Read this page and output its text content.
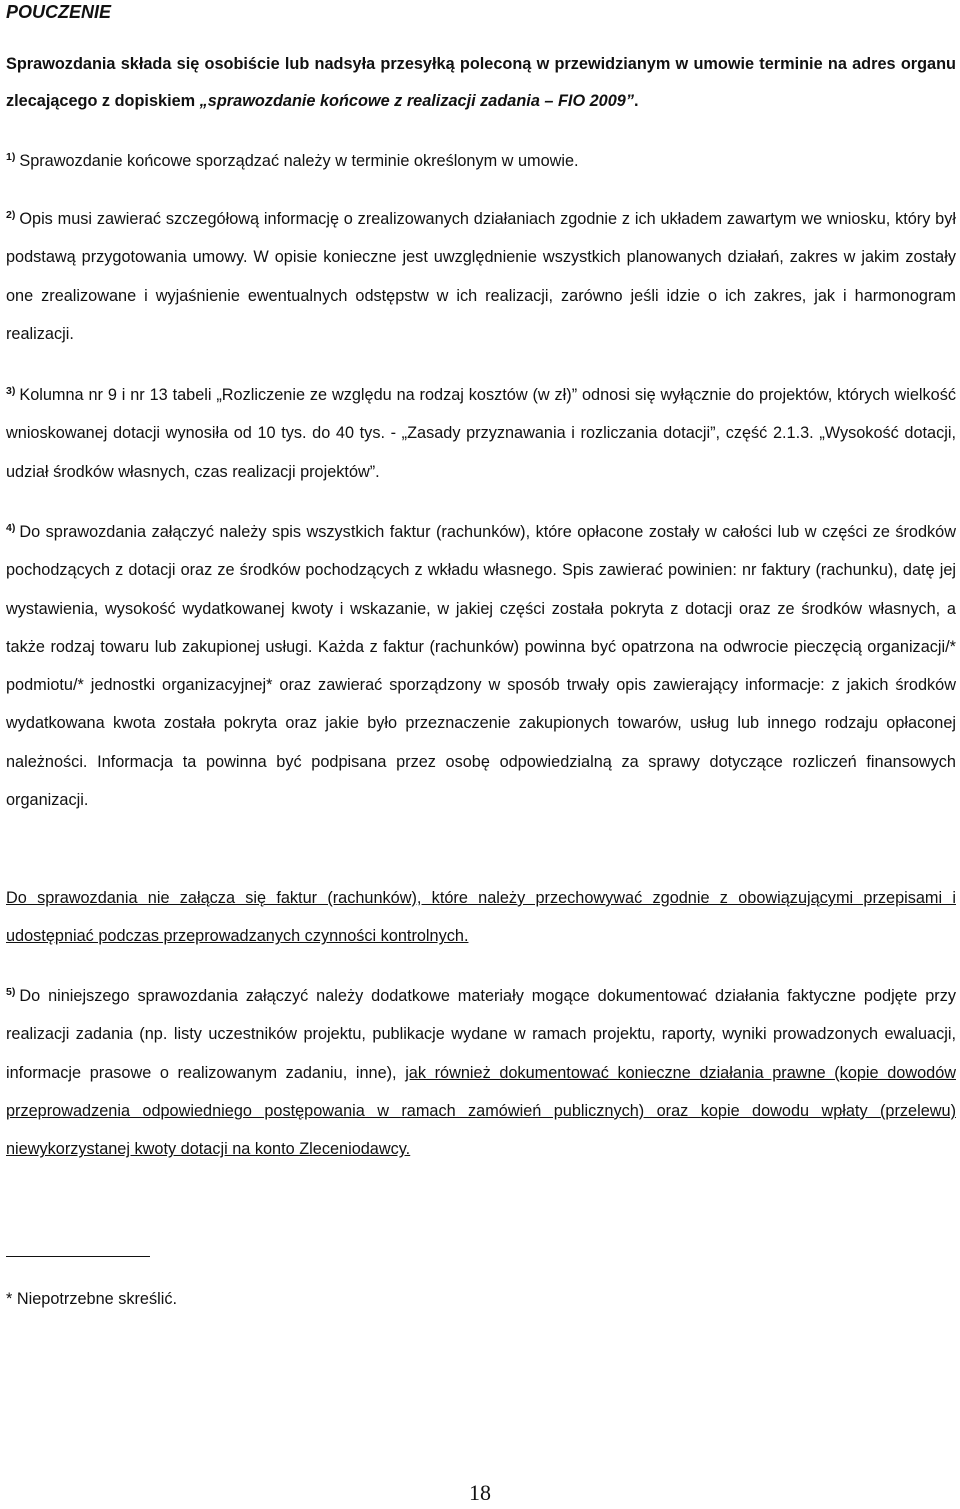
POUCZENIE

Sprawozdania składa się osobiście lub nadsyła przesyłką poleconą w przewidzianym w umowie terminie na adres organu zlecającego z dopiskiem „sprawozdanie końcowe z realizacji zadania – FIO 2009”.

$^{1)}$ Sprawozdanie końcowe sporządzać należy w terminie określonym w umowie.

$^{2)}$ Opis musi zawierać szczegółową informację o zrealizowanych działaniach zgodnie z ich układem zawartym we wniosku, który był podstawą przygotowania umowy. W opisie konieczne jest uwzględnienie wszystkich planowanych działań, zakres w jakim zostały one zrealizowane i wyjaśnienie ewentualnych odstępstw w ich realizacji, zarówno jeśli idzie o ich zakres, jak i harmonogram realizacji.

$^{3)}$ Kolumna nr 9 i nr 13 tabeli „Rozliczenie ze względu na rodzaj kosztów (w zł)” odnosi się wyłącznie do projektów, których wielkość wnioskowanej dotacji wynosiła od 10 tys. do 40 tys. - „Zasady przyznawania i rozliczania dotacji”, część 2.1.3. „Wysokość dotacji, udział środków własnych, czas realizacji projektów”.

$^{4)}$ Do sprawozdania załączyć należy spis wszystkich faktur (rachunków), które opłacone zostały w całości lub w części ze środków pochodzących z dotacji oraz ze środków pochodzących z wkładu własnego. Spis zawierać powinien: nr faktury (rachunku), datę jej wystawienia, wysokość wydatkowanej kwoty i wskazanie, w jakiej części została pokryta z dotacji oraz ze środków własnych, a także rodzaj towaru lub zakupionej usługi. Każda z faktur (rachunków) powinna być opatrzona na odwrocie pieczęcią organizacji/* podmiotu/* jednostki organizacyjnej* oraz zawierać sporządzony w sposób trwały opis zawierający informacje: z jakich środków wydatkowana kwota została pokryta oraz jakie było przeznaczenie zakupionych towarów, usług lub innego rodzaju opłaconej należności. Informacja ta powinna być podpisana przez osobę odpowiedzialną za sprawy dotyczące rozliczeń finansowych organizacji.

Do sprawozdania nie załącza się faktur (rachunków), które należy przechowywać zgodnie z obowiązującymi przepisami i udostępniać podczas przeprowadzanych czynności kontrolnych.

$^{5)}$ Do niniejszego sprawozdania załączyć należy dodatkowe materiały mogące dokumentować działania faktyczne podjęte przy realizacji zadania (np. listy uczestników projektu, publikacje wydane w ramach projektu, raporty, wyniki prowadzonych ewaluacji, informacje prasowe o realizowanym zadaniu, inne), jak również dokumentować konieczne działania prawne (kopie dowodów przeprowadzenia odpowiedniego postępowania w ramach zamówień publicznych) oraz kopie dowodu wpłaty (przelewu) niewykorzystanej kwoty dotacji na konto Zleceniodawcy.

* Niepotrzebne skreślić.

18
